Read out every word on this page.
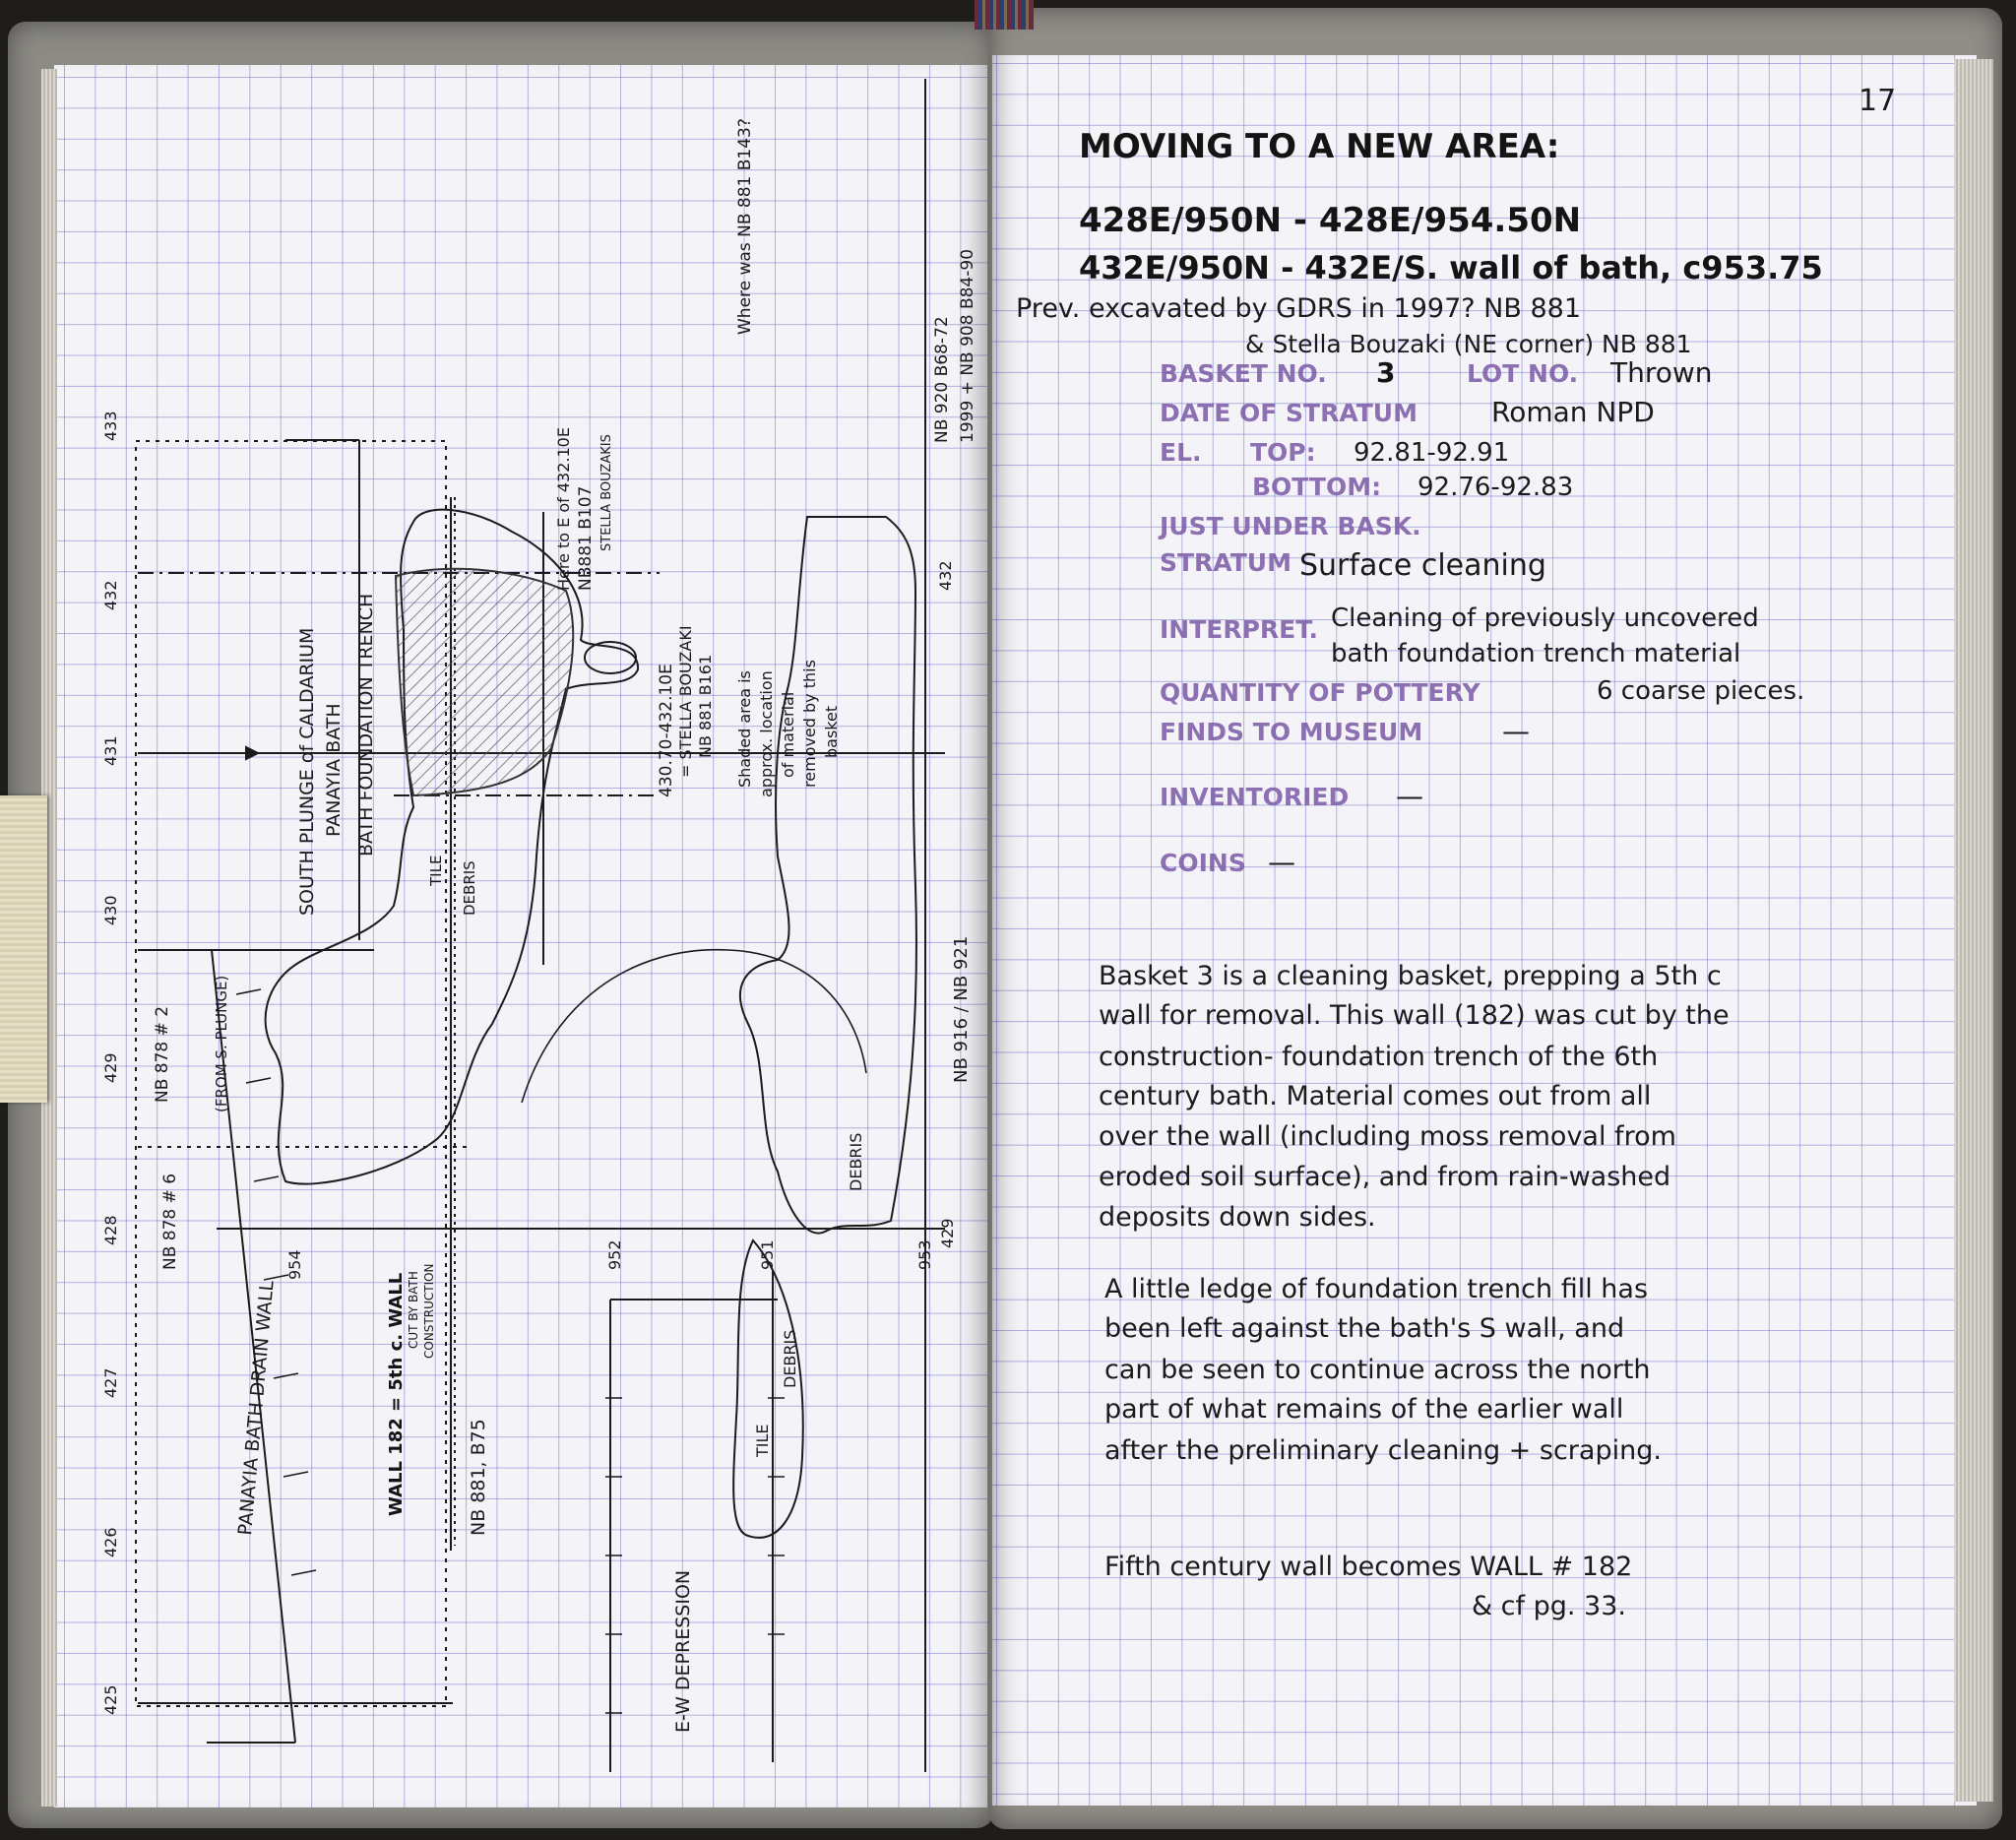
433
432
431
430
429
428
427
426
425
432
429
951
952	953
954
SOUTH PLUNGE of CALDARIUM PANAYIA BATH BATH FOUNDATION TRENCH
Here to E of 432.10E NB881 B107 STELLA BOUZAKIS
430.70-432.10E = STELLA BOUZAKI NB 881 B161 Shaded area is approx. location of material removed by this basket
Where was NB 881 B143?
NB 920 B68-72 1999 + NB 908 B84-90
NB 878 # 2
NB 878 # 6
(FROM S. PLUNGE)
PANAYIA BATH DRAIN WALL
TILE DEBRIS
DEBRIS
DEBRIS
TILE
WALL 182 = 5th c. WALL CUT BY BATH CONSTRUCTION
NB 881, B75
E-W DEPRESSION
NB 916 / NB 921
17
MOVING TO A NEW AREA:
428E/950N - 428E/954.50N
432E/950N - 432E/S. wall of bath, c953.75
Prev. excavated by GDRS in 1997? NB 881
& Stella Bouzaki (NE corner) NB 881
BASKET NO. 3	LOT NO. Thrown
DATE OF STRATUM	Roman NPD
EL. TOP: 92.81-92.91
BOTTOM: 92.76-92.83
JUST UNDER BASK.
STRATUM Surface cleaning
INTERPRET. Cleaning of previously uncovered
bath foundation trench material
QUANTITY OF POTTERY	6 coarse pieces.
FINDS TO MUSEUM	—
INVENTORIED —
COINS —
Basket 3 is a cleaning basket, prepping a 5th c
wall for removal. This wall (182) was cut by the
construction- foundation trench of the 6th
century bath. Material comes out from all
over the wall (including moss removal from
eroded soil surface), and from rain-washed
deposits down sides.
A little ledge of foundation trench fill has
been left against the bath's S wall, and
can be seen to continue across the north
part of what remains of the earlier wall
after the preliminary cleaning + scraping.
Fifth century wall becomes WALL # 182
& cf pg. 33.
